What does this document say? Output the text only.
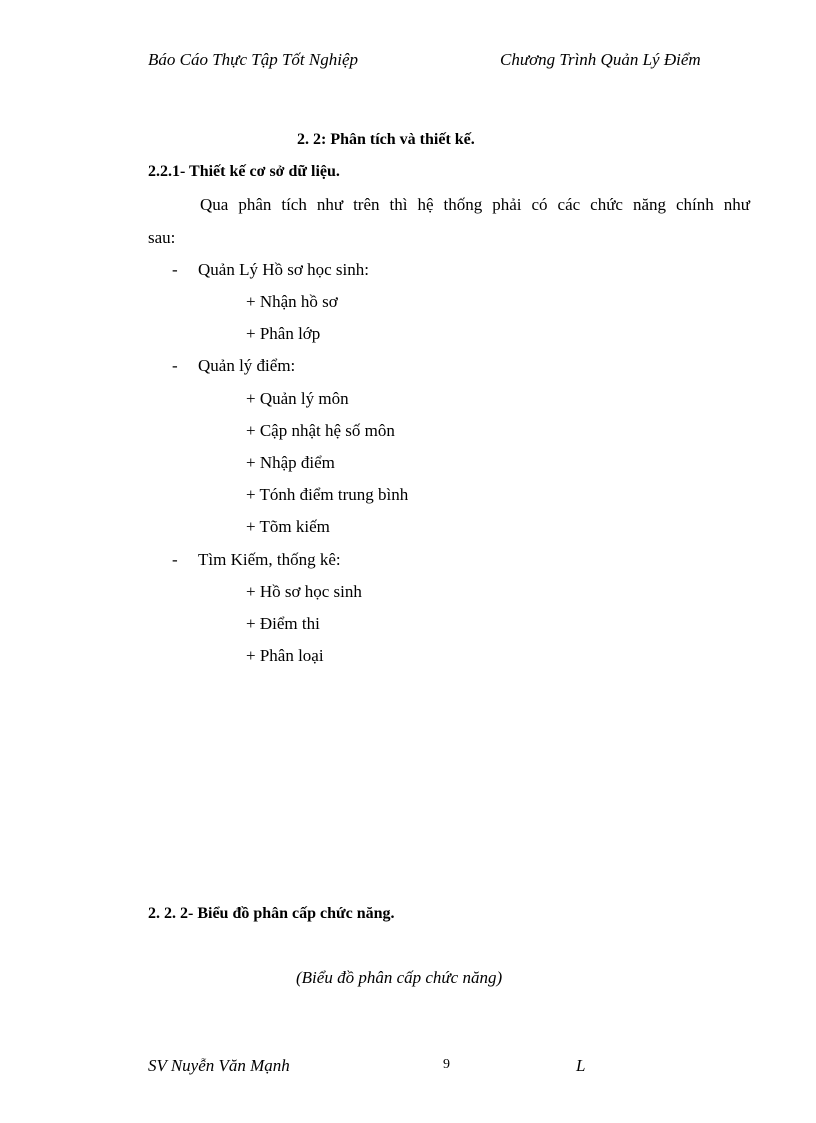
Báo Cáo Thực Tập Tốt Nghiệp	Chương Trình Quản Lý Điểm
2. 2: Phân tích và thiết kế.
2.2.1- Thiết kế cơ sở dữ liệu.
Qua phân tích như trên thì hệ thống phải có các chức năng chính như
sau:
- Quản Lý Hồ sơ học sinh:
+ Nhận hồ sơ
+ Phân lớp
- Quản lý điểm:
+ Quản lý môn
+ Cập nhật hệ số môn
+ Nhập điểm
+ Tónh điểm trung bình
+ Tõm kiếm
- Tìm Kiếm, thống kê:
+ Hồ sơ học sinh
+ Điểm thi
+ Phân loại
2. 2. 2- Biểu đồ phân cấp chức năng.
(Biểu đồ phân cấp chức năng)
SV Nuyễn Văn Mạnh	9	L
